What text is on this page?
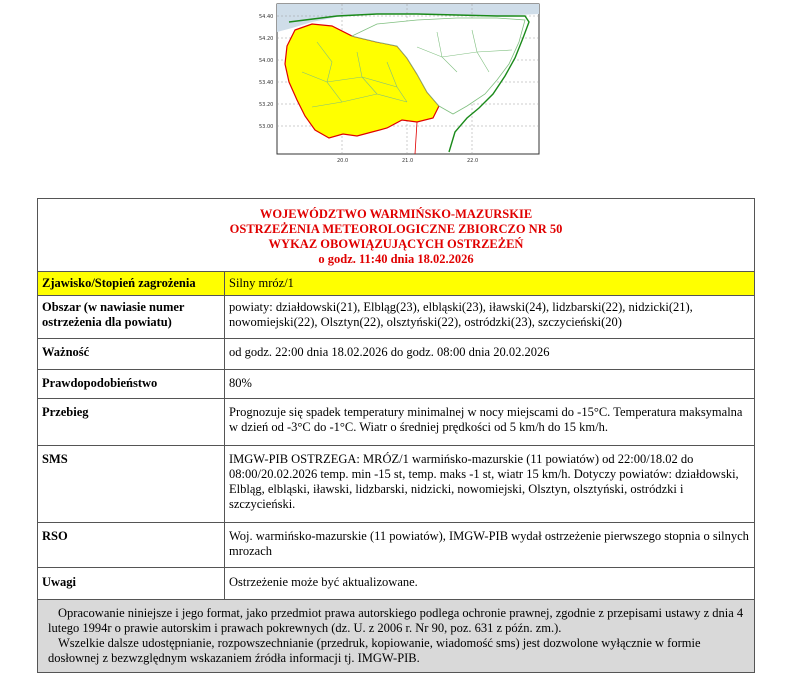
54.40
54.20
54.00
53.40
53.20
53.00
20.0	21.0	22.0
WOJEWÓDZTWO WARMIŃSKO-MAZURSKIE
OSTRZEŻENIA METEOROLOGICZNE ZBIORCZO NR 50
WYKAZ OBOWIĄZUJĄCYCH OSTRZEŻEŃ
o godz. 11:40 dnia 18.02.2026	

Zjawisko/Stopień zagrożenia	Silny mróz/1
Obszar (w nawiasie numer ostrzeżenia dla powiatu)	powiaty: działdowski(21), Elbląg(23), elbląski(23), iławski(24), lidzbarski(22), nidzicki(21), nowomiejski(22), Olsztyn(22), olsztyński(22), ostródzki(23), szczycieński(20)
Ważność	od godz. 22:00 dnia 18.02.2026 do godz. 08:00 dnia 20.02.2026
Prawdopodobieństwo	80%
Przebieg	Prognozuje się spadek temperatury minimalnej w nocy miejscami do -15°C. Temperatura maksymalna w dzień od -3°C do -1°C. Wiatr o średniej prędkości od 5 km/h do 15 km/h.
SMS	IMGW-PIB OSTRZEGA: MRÓZ/1 warmińsko-mazurskie (11 powiatów) od 22:00/18.02 do 08:00/20.02.2026 temp. min -15 st, temp. maks -1 st, wiatr 15 km/h. Dotyczy powiatów: działdowski, Elbląg, elbląski, iławski, lidzbarski, nidzicki, nowomiejski, Olsztyn, olsztyński, ostródzki i szczycieński.
RSO	Woj. warmińsko-mazurskie (11 powiatów), IMGW-PIB wydał ostrzeżenie pierwszego stopnia o silnych mrozach
Uwagi	Ostrzeżenie może być aktualizowane.

Opracowanie niniejsze i jego format, jako przedmiot prawa autorskiego podlega ochronie prawnej, zgodnie z przepisami ustawy z dnia 4 lutego 1994r o prawie autorskim i prawach pokrewnych (dz. U. z 2006 r. Nr 90, poz. 631 z późn. zm.).
Wszelkie dalsze udostępnianie, rozpowszechnianie (przedruk, kopiowanie, wiadomość sms) jest dozwolone wyłącznie w formie dosłownej z bezwzględnym wskazaniem źródła informacji tj. IMGW-PIB.	
